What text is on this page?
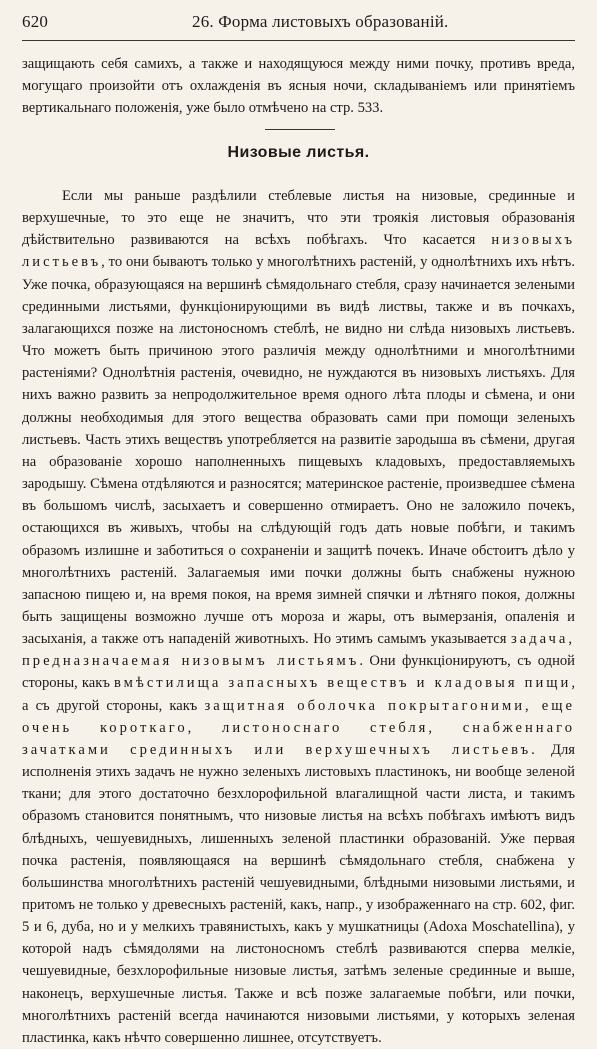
620	26. Форма листовыхъ образованій.

защищають себя самихъ, а также и находящуюся между ними почку, противъ вреда, могущаго произойти отъ охлажденія въ ясныя ночи, складываніемъ или принятіемъ вертикальнаго положенія, уже было отмѣчено на стр. 533.

Низовые листья.

Если мы раньше раздѣлили стеблевые листья на низовые, срединные и верхушечные, то это еще не значитъ, что эти троякія листовыя образованія дѣйствительно развиваются на всѣхъ побѣгахъ. Что касается низовыхъ листьевъ, то они бываютъ только у многолѣтнихъ растеній, у однолѣтнихъ ихъ нѣтъ. Уже почка, образующаяся на вершинѣ сѣмядольнаго стебля, сразу начинается зелеными срединными листьями, функціонирующими въ видѣ листвы, также и въ почкахъ, залагающихся позже на листоносномъ стеблѣ, не видно ни слѣда низовыхъ листьевъ. Что можетъ быть причиною этого различія между однолѣтними и многолѣтними растеніями? Однолѣтнія растенія, очевидно, не нуждаются въ низовыхъ листьяхъ. Для нихъ важно развить за непродолжительное время одного лѣта плоды и сѣмена, и они должны необходимыя для этого вещества образовать сами при помощи зеленыхъ листьевъ. Часть этихъ веществъ употребляется на развитіе зародыша въ сѣмени, другая на образованіе хорошо наполненныхъ пищевыхъ кладовыхъ, предоставляемыхъ зародышу. Сѣмена отдѣляются и разносятся; материнское растеніе, произведшее сѣмена въ большомъ числѣ, засыхаетъ и совершенно отмираетъ. Оно не заложило почекъ, остающихся въ живыхъ, чтобы на слѣдующій годъ дать новые побѣги, и такимъ образомъ излишне и заботиться о сохраненіи и защитѣ почекъ. Иначе обстоитъ дѣло у многолѣтнихъ растеній. Залагаемыя ими почки должны быть снабжены нужною запасною пищею и, на время покоя, на время зимней спячки и лѣтняго покоя, должны быть защищены возможно лучше отъ мороза и жары, отъ вымерзанія, опаленія и засыханія, а также отъ нападеній животныхъ. Но этимъ самымъ указывается задача, предназначаемая низовымъ листьямъ. Они функціонируютъ, съ одной стороны, какъ вмѣстилища запасныхъ веществъ и кладовыя пищи, а съ другой стороны, какъ защитная оболочка покрытагоними, еще очень короткаго, листоноснаго стебля, снабженнаго зачатками срединныхъ или верхушечныхъ листьевъ. Для исполненія этихъ задачъ не нужно зеленыхъ листовыхъ пластинокъ, ни вообще зеленой ткани; для этого достаточно безхлорофильной влагалищной части листа, и такимъ образомъ становится понятнымъ, что низовые листья на всѣхъ побѣгахъ имѣютъ видъ блѣдныхъ, чешуевидныхъ, лишенныхъ зеленой пластинки образованій. Уже первая почка растенія, появляющаяся на вершинѣ сѣмядольнаго стебля, снабжена у большинства многолѣтнихъ растеній чешуевидными, блѣдными низовыми листьями, и притомъ не только у древесныхъ растеній, какъ, напр., у изображеннаго на стр. 602, фиг. 5 и 6, дуба, но и у мелкихъ травянистыхъ, какъ у мушкатницы (Adoxa Moschatellina), у которой надъ сѣмядолями на листоносномъ стеблѣ развиваются сперва мелкіе, чешуевидные, безхлорофильные низовые листья, затѣмъ зеленые срединные и выше, наконецъ, верхушечные листья. Также и всѣ позже залагаемые побѣги, или почки, многолѣтнихъ растеній всегда начинаются низовыми листьями, у которыхъ зеленая пластинка, какъ нѣчто совершенно лишнее, отсутствуетъ.
